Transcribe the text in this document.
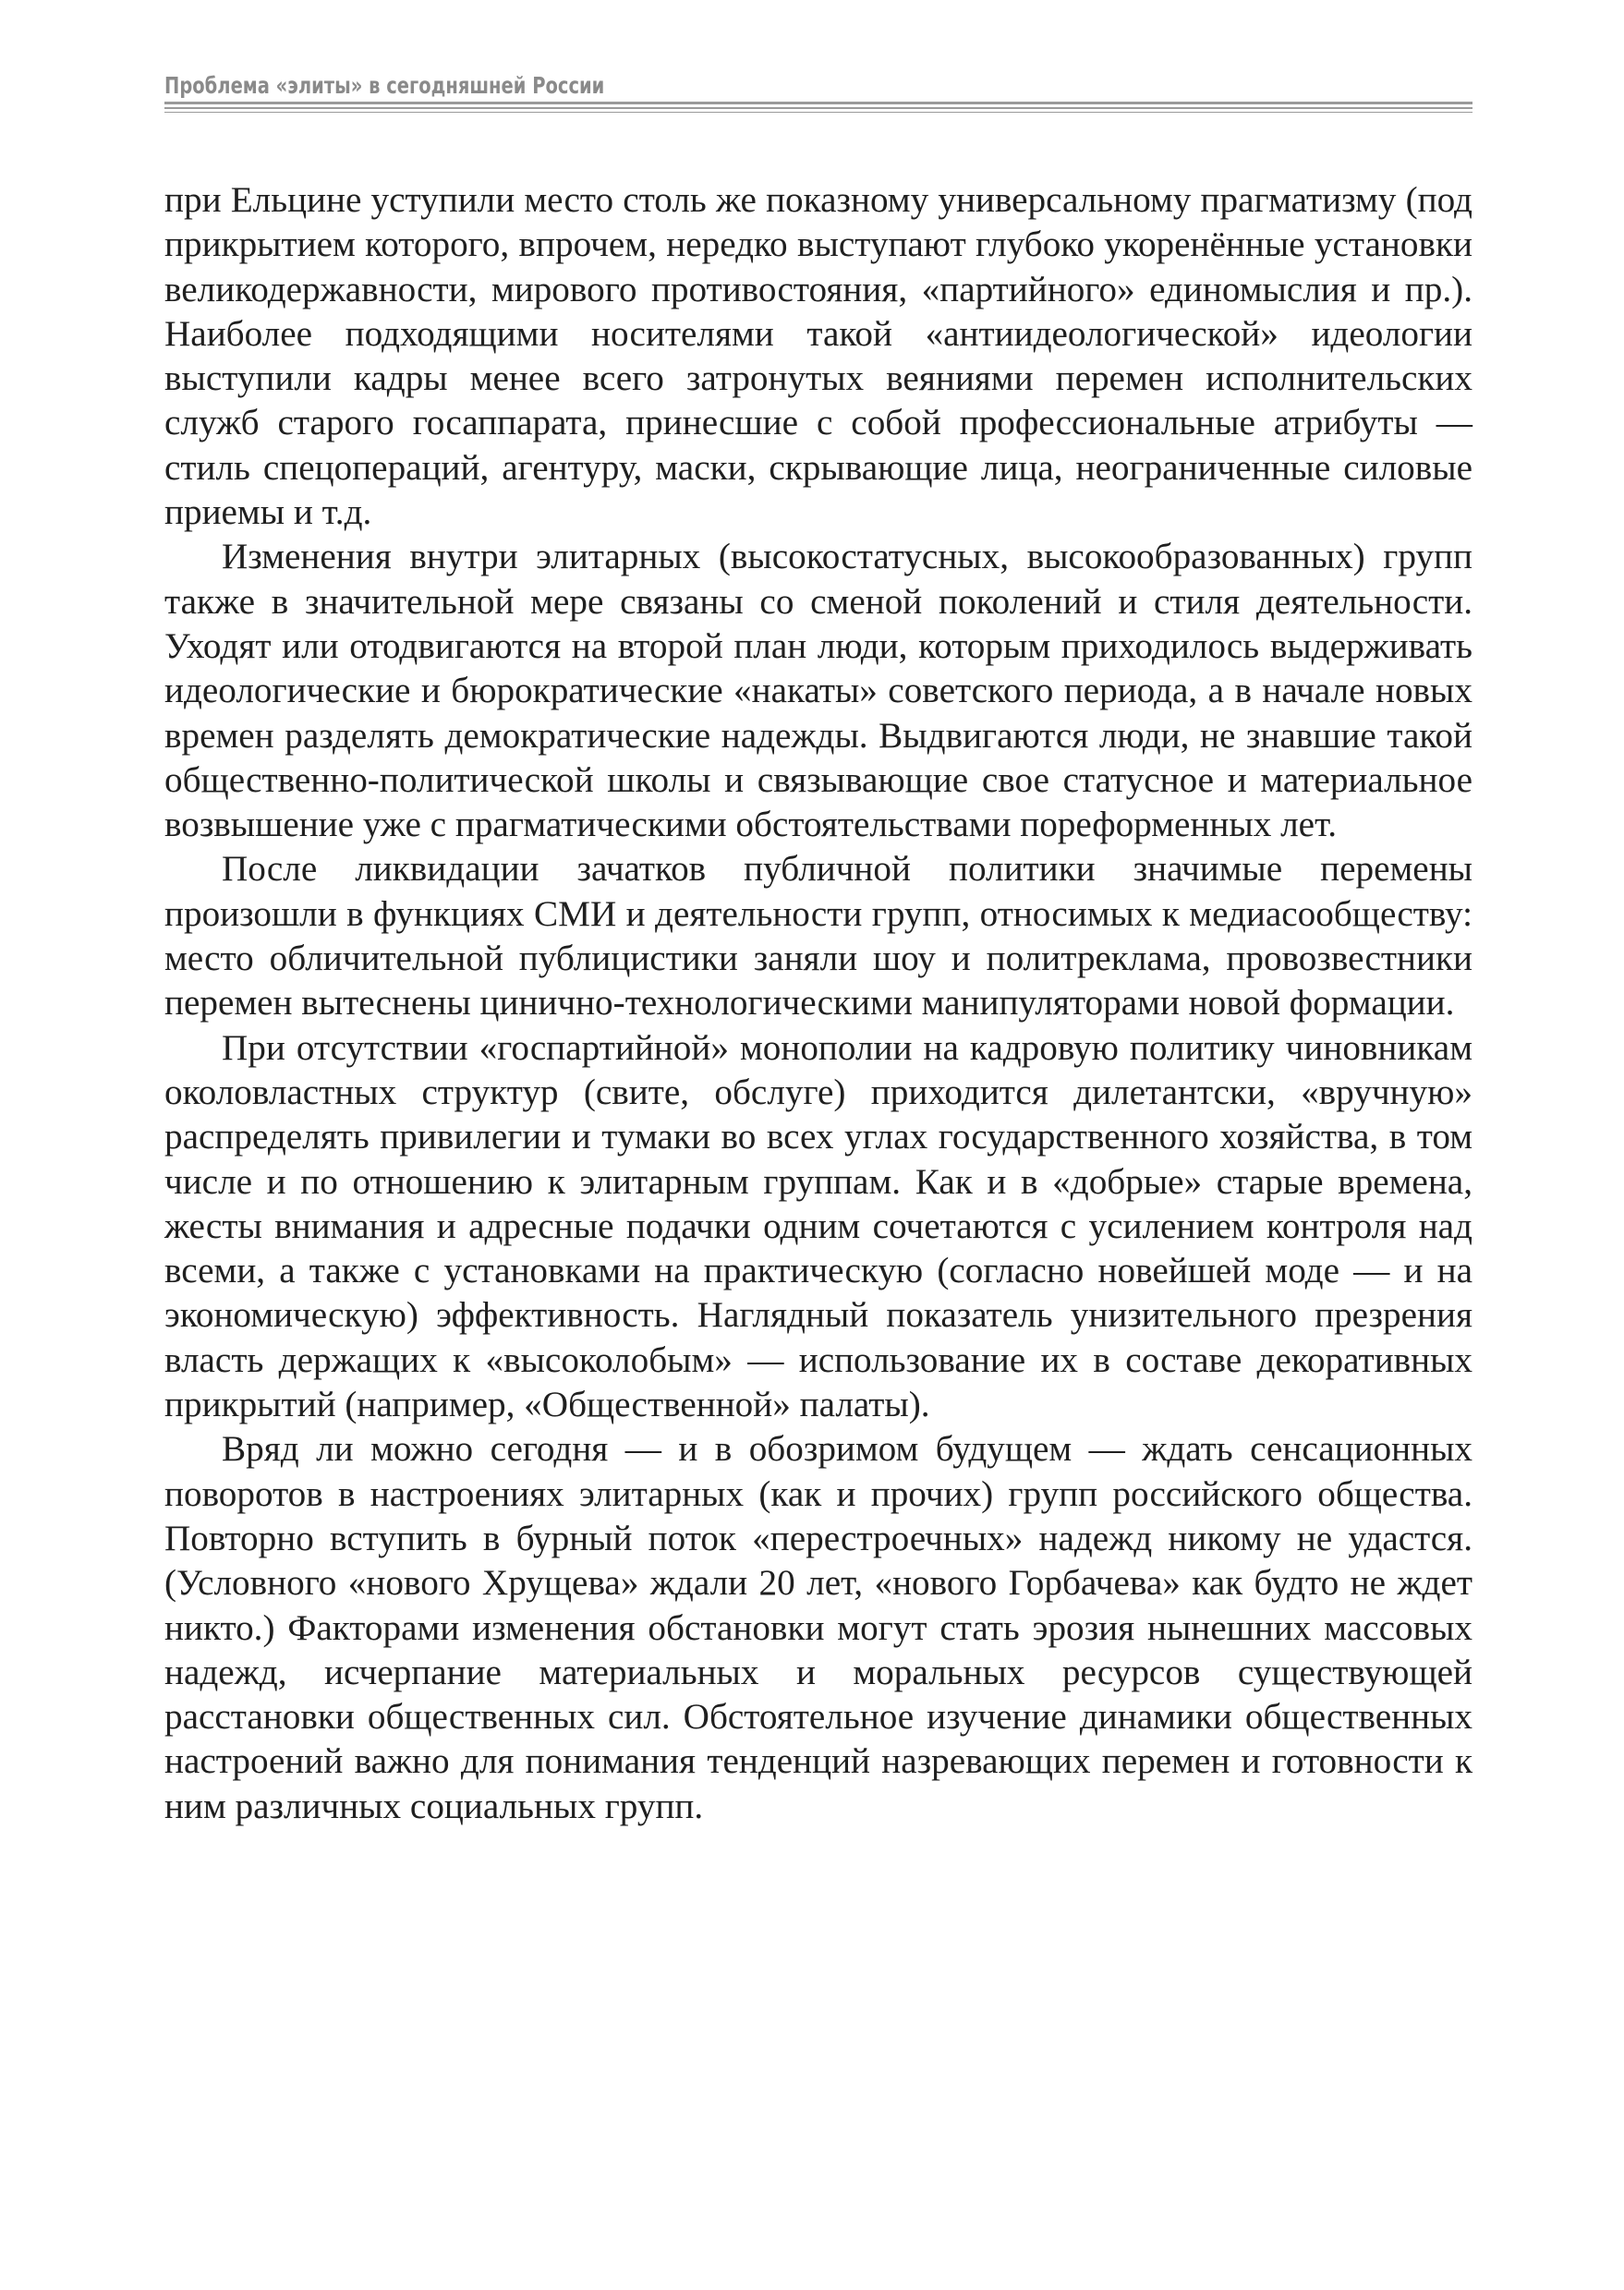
Проблема «элиты» в сегодняшней России

при Ельцине уступили место столь же показному универсальному прагматизму (под прикрытием которого, впрочем, нередко выступают глубоко укоренённые установки великодержавности, мирового противостояния, «партийного» единомыслия и пр.). Наиболее подходящими носителями такой «антиидеологической» идеологии выступили кадры менее всего затронутых веяниями перемен исполнительских служб старого госаппарата, принесшие с собой профессиональные атрибуты — стиль спецопераций, агентуру, маски, скрывающие лица, неограниченные силовые приемы и т.д.

Изменения внутри элитарных (высокостатусных, высокообразованных) групп также в значительной мере связаны со сменой поколений и стиля деятельности. Уходят или отодвигаются на второй план люди, которым приходилось выдерживать идеологические и бюрократические «накаты» советского периода, а в начале новых времен разделять демократические надежды. Выдвигаются люди, не знавшие такой общественно-политической школы и связывающие свое статусное и материальное возвышение уже с прагматическими обстоятельствами пореформенных лет.

После ликвидации зачатков публичной политики значимые перемены произошли в функциях СМИ и деятельности групп, относимых к медиасообществу: место обличительной публицистики заняли шоу и политреклама, провозвестники перемен вытеснены цинично-технологическими манипуляторами новой формации.

При отсутствии «госпартийной» монополии на кадровую политику чиновникам околовластных структур (свите, обслуге) приходится дилетантски, «вручную» распределять привилегии и тумаки во всех углах государственного хозяйства, в том числе и по отношению к элитарным группам. Как и в «добрые» старые времена, жесты внимания и адресные подачки одним сочетаются с усилением контроля над всеми, а также с установками на практическую (согласно новейшей моде — и на экономическую) эффективность. Наглядный показатель унизительного презрения власть держащих к «высоколобым» — использование их в составе декоративных прикрытий (например, «Общественной» палаты).

Вряд ли можно сегодня — и в обозримом будущем — ждать сенсационных поворотов в настроениях элитарных (как и прочих) групп российского общества. Повторно вступить в бурный поток «перестроечных» надежд никому не удастся. (Условного «нового Хрущева» ждали 20 лет, «нового Горбачева» как будто не ждет никто.) Факторами изменения обстановки могут стать эрозия нынешних массовых надежд, исчерпание материальных и моральных ресурсов существующей расстановки общественных сил. Обстоятельное изучение динамики общественных настроений важно для понимания тенденций назревающих перемен и готовности к ним различных социальных групп.
